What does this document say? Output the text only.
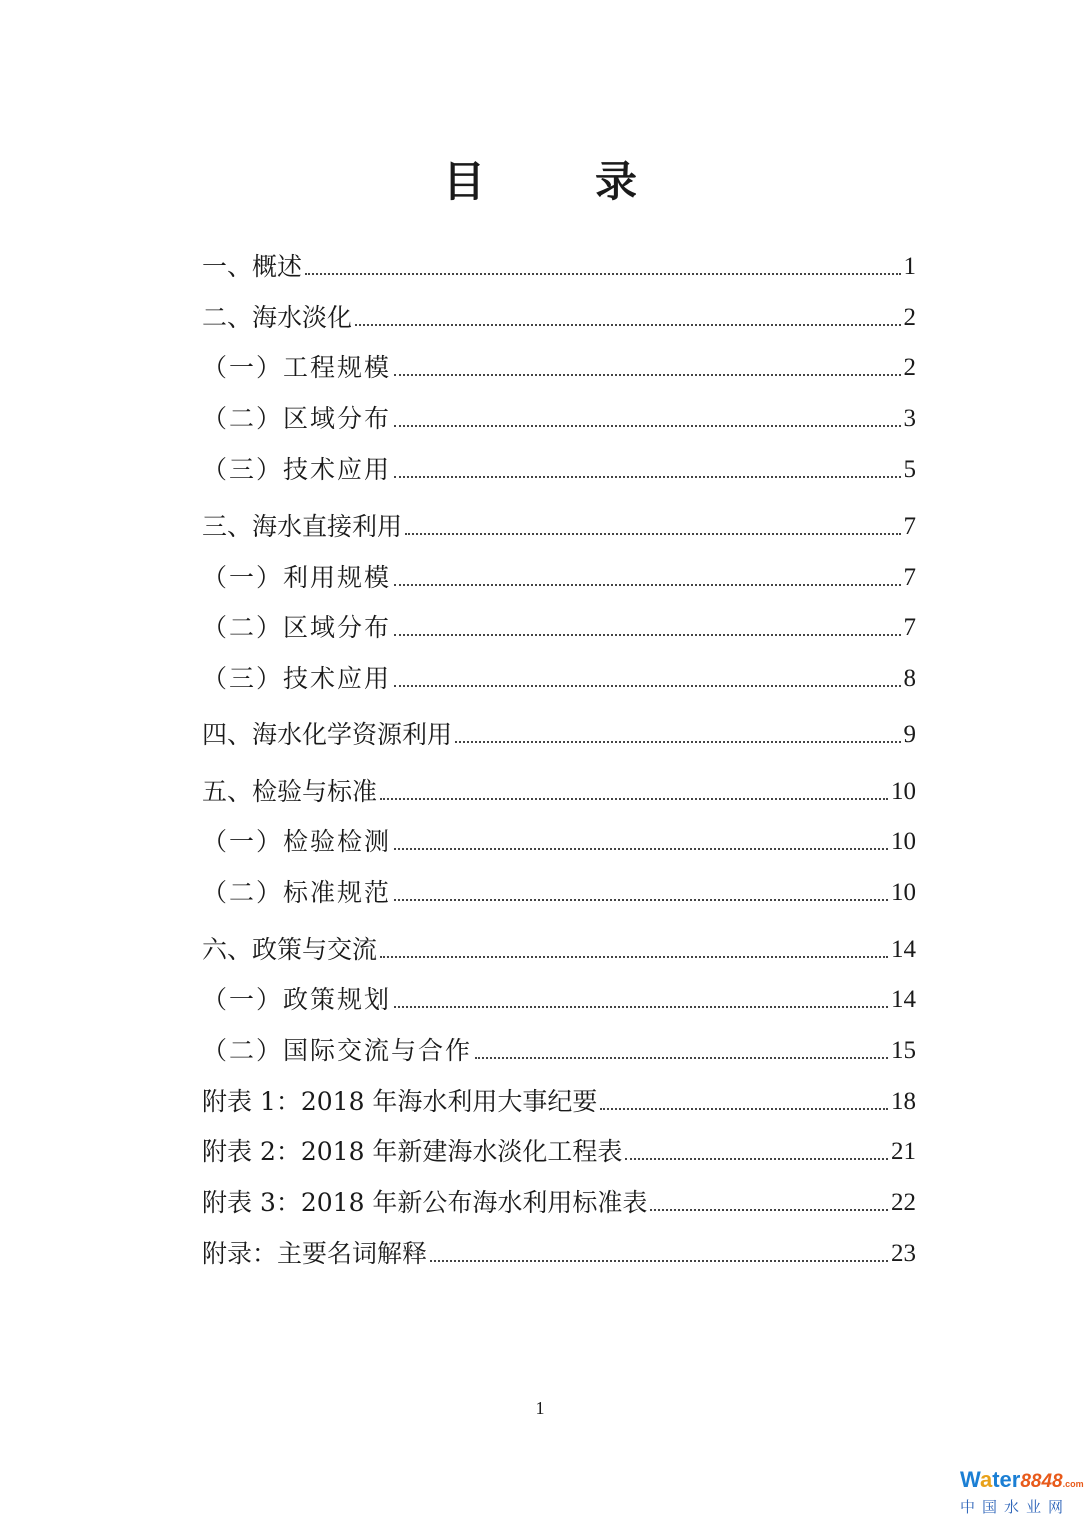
目　录
一、概述	1
二、海水淡化	2
（一）工程规模	2
（二）区域分布	3
（三）技术应用	5
三、海水直接利用	7
（一）利用规模	7
（二）区域分布	7
（三）技术应用	8
四、海水化学资源利用	9
五、检验与标准	10
（一）检验检测	10
（二）标准规范	10
六、政策与交流	14
（一）政策规划	14
（二）国际交流与合作	15
附表 1：2018 年海水利用大事纪要	18
附表 2：2018 年新建海水淡化工程表	21
附表 3：2018 年新公布海水利用标准表	22
附录：主要名词解释	23
1
Water8848.com
中国水业网
